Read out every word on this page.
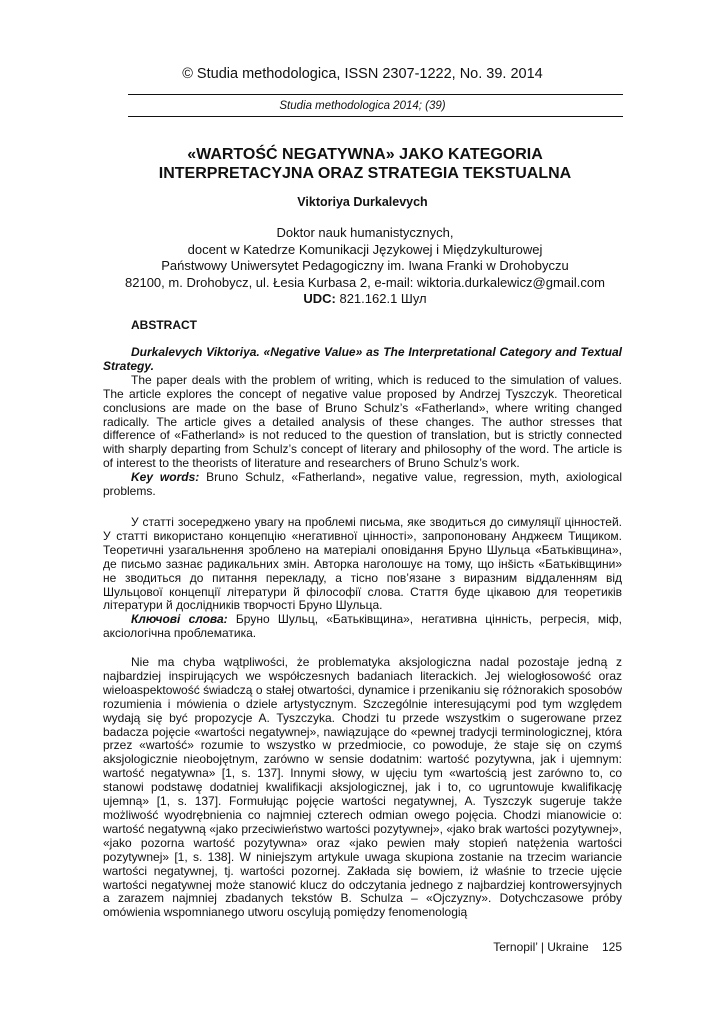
© Studia methodologica, ISSN 2307-1222, No. 39. 2014
Studia methodologica 2014; (39)
«WARTOŚĆ NEGATYWNA» JAKO KATEGORIA
INTERPRETACYJNA ORAZ STRATEGIA TEKSTUALNA
Viktoriya Durkalevych
Doktor nauk humanistycznych,
docent w Katedrze Komunikacji Językowej i Międzykulturowej
Państwowy Uniwersytet Pedagogiczny im. Iwana Franki w Drohobyczu
82100, m. Drohobycz, ul. Łesia Kurbasa 2, e-mail: wiktoria.durkalewicz@gmail.com
UDC: 821.162.1 Шул
ABSTRACT

Durkalevych Viktoriya. «Negative Value» as The Interpretational Category and Textual Strategy.

The paper deals with the problem of writing, which is reduced to the simulation of values. The article explores the concept of negative value proposed by Andrzej Tyszczyk. Theoretical conclusions are made on the base of Bruno Schulz’s «Fatherland», where writing changed radically. The article gives a detailed analysis of these changes. The author stresses that difference of «Fatherland» is not reduced to the question of translation, but is strictly connected with sharply departing from Schulz’s concept of literary and philosophy of the word. The article is of interest to the theorists of literature and researchers of Bruno Schulz’s work.

Key words: Bruno Schulz, «Fatherland», negative value, regression, myth, axiological problems.

У статті зосереджено увагу на проблемі письма, яке зводиться до симуляції цінностей. У статті використано концепцію «негативної цінності», запропоновану Анджеєм Тищиком. Теоретичні узагальнення зроблено на матеріалі оповідання Бруно Шульца «Батьківщина», де письмо зазнає радикальних змін. Авторка наголошує на тому, що інšість «Батьківщини» не зводиться до питання перекладу, а тісно пов’язане з виразним віддаленням від Шульцової концепції літератури й філософії слова. Стаття буде цікавою для теоретиків літератури й дослідників творчості Бруно Шульца.

Ключові слова: Бруно Шульц, «Батьківщина», негативна цінність, регресія, міф, аксіологічна проблематика.

Nie ma chyba wątpliwości, że problematyka aksjologiczna nadal pozostaje jedną z najbardziej inspirujących we współczesnych badaniach literackich. Jej wielogłosowość oraz wieloaspektowość świadczą o stałej otwartości, dynamice i przenikaniu się różnorakich sposobów rozumienia i mówienia o dziele artystycznym. Szczególnie interesującymi pod tym względem wydają się być propozycje A. Tyszczyka. Chodzi tu przede wszystkim o sugerowane przez badacza pojęcie «wartości negatywnej», nawiązujące do «pewnej tradycji terminologicznej, która przez «wartość» rozumie to wszystko w przedmiocie, co powoduje, że staje się on czymś aksjologicznie nieobojętnym, zarówno w sensie dodatnim: wartość pozytywna, jak i ujemnym: wartość negatywna» [1, s. 137]. Innymi słowy, w ujęciu tym «wartością jest zarówno to, co stanowi podstawę dodatniej kwalifikacji aksjologicznej, jak i to, co ugruntowuje kwalifikację ujemną» [1, s. 137]. Formułując pojęcie wartości negatywnej, A. Tyszczyk sugeruje także możliwość wyodrębnienia co najmniej czterech odmian owego pojęcia. Chodzi mianowicie o: wartość negatywną «jako przeciwieństwo wartości pozytywnej», «jako brak wartości pozytywnej», «jako pozorna wartość pozytywna» oraz «jako pewien mały stopień natężenia wartości pozytywnej» [1, s. 138]. W niniejszym artykule uwaga skupiona zostanie na trzecim wariancie wartości negatywnej, tj. wartości pozornej. Zakłada się bowiem, iż właśnie to trzecie ujęcie wartości negatywnej może stanowić klucz do odczytania jednego z najbardziej kontrowersyjnych a zarazem najmniej zbadanych tekstów B. Schulza – «Ojczyzny». Dotychczasowe próby omówienia wspomnianego utworu oscylują pomiędzy fenomenologią

Ternopil’ | Ukraine 125
